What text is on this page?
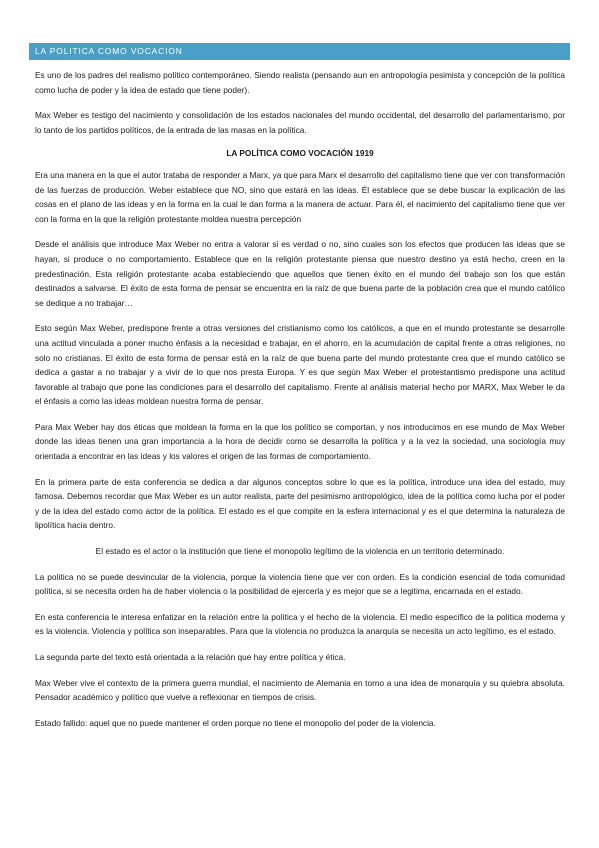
LA POLITICA COMO VOCACION

Es uno de los padres del realismo político contemporáneo. Siendo realista (pensando aun en antropología pesimista y concepción de la política como lucha de poder y la idea de estado que tiene poder).

Max Weber es testigo del nacimiento y consolidación de los estados nacionales del mundo occidental, del desarrollo del parlamentarismo, por lo tanto de los partidos políticos, de la entrada de las masas en la política.

LA POLÍTICA COMO VOCACIÓN 1919

Era una manera en la que el autor trataba de responder a Marx, ya que para Marx el desarrollo del capitalismo tiene que ver con transformación de las fuerzas de producción. Weber establece que NO, sino que estará en las ideas. Él establece que se debe buscar la explicación de las cosas en el plano de las ideas y en la forma en la cual le dan forma a la manera de actuar. Para él, el nacimiento del capitalismo tiene que ver con la forma en la que la religión protestante moldea nuestra percepción

Desde el análisis que introduce Max Weber no entra a valorar si es verdad o no, sino cuales son los efectos que producen las ideas que se hayan, si produce o no comportamiento. Establece que en la religión protestante piensa que nuestro destino ya está hecho, creen en la predestinación. Esta religión protestante acaba estableciendo que aquellos que tienen éxito en el mundo del trabajo son los que están destinados a salvarse. El éxito de esta forma de pensar se encuentra en la raíz de que buena parte de la población crea que el mundo católico se dedique a no trabajar…

Esto según Max Weber, predispone frente a otras versiones del cristianismo como los católicos, a que en el mundo protestante se desarrolle una actitud vinculada a poner mucho énfasis a la necesidad e trabajar, en el ahorro, en la acumulación de capital frente a otras religiones, no solo no cristianas. El éxito de esta forma de pensar está en la raíz de que buena parte del mundo protestante crea que el mundo católico se dedica a gastar a no trabajar y a vivir de lo que nos presta Europa. Y es que según Max Weber el protestantismo predispone una actitud favorable al trabajo que pone las condiciones para el desarrollo del capitalismo. Frente al análisis material hecho por MARX, Max Weber le da el énfasis a como las ideas moldean nuestra forma de pensar.

Para Max Weber hay dos éticas que moldean la forma en la que los político se comportan, y nos introducimos en ese mundo de Max Weber donde las ideas tienen una gran importancia a la hora de decidir como se desarrolla la política y a la vez la sociedad, una sociología muy orientada a encontrar en las ideas y los valores el origen de las formas de comportamiento.

En la primera parte de esta conferencia se dedica a dar algunos conceptos sobre lo que es la política, introduce una idea del estado, muy famosa. Debemos recordar que Max Weber es un autor realista, parte del pesimismo antropológico, idea de la política como lucha por el poder y de la idea del estado como actor de la política. El estado es el que compite en la esfera internacional y es el que determina la naturaleza de lipolítica hacia dentro.

El estado es el actor o la institución que tiene el monopolio legítimo de la violencia en un territorio determinado.

La política no se puede desvincular de la violencia, porque la violencia tiene que ver con orden. Es la condición esencial de toda comunidad política, si se necesita orden ha de haber violencia o la posibilidad de ejercerla y es mejor que se a legitima, encarnada en el estado.

En esta conferencia le interesa enfatizar en la relación entre la política y el hecho de la violencia. El medio específico de la política moderna y es la violencia. Violencia y política son inseparables. Para que la violencia no produzca la anarquía se necesita un acto legítimo, es el estado.

La segunda parte del texto está orientada a la relación que hay entre política y ética.

Max Weber vive el contexto de la primera guerra mundial, el nacimiento de Alemania en torno a una idea de monarquía y su quiebra absoluta. Pensador académico y político que vuelve a reflexionar en tiempos de crisis.

Estado fallido: aquel que no puede mantener el orden porque no tiene el monopolio del poder de la violencia.
